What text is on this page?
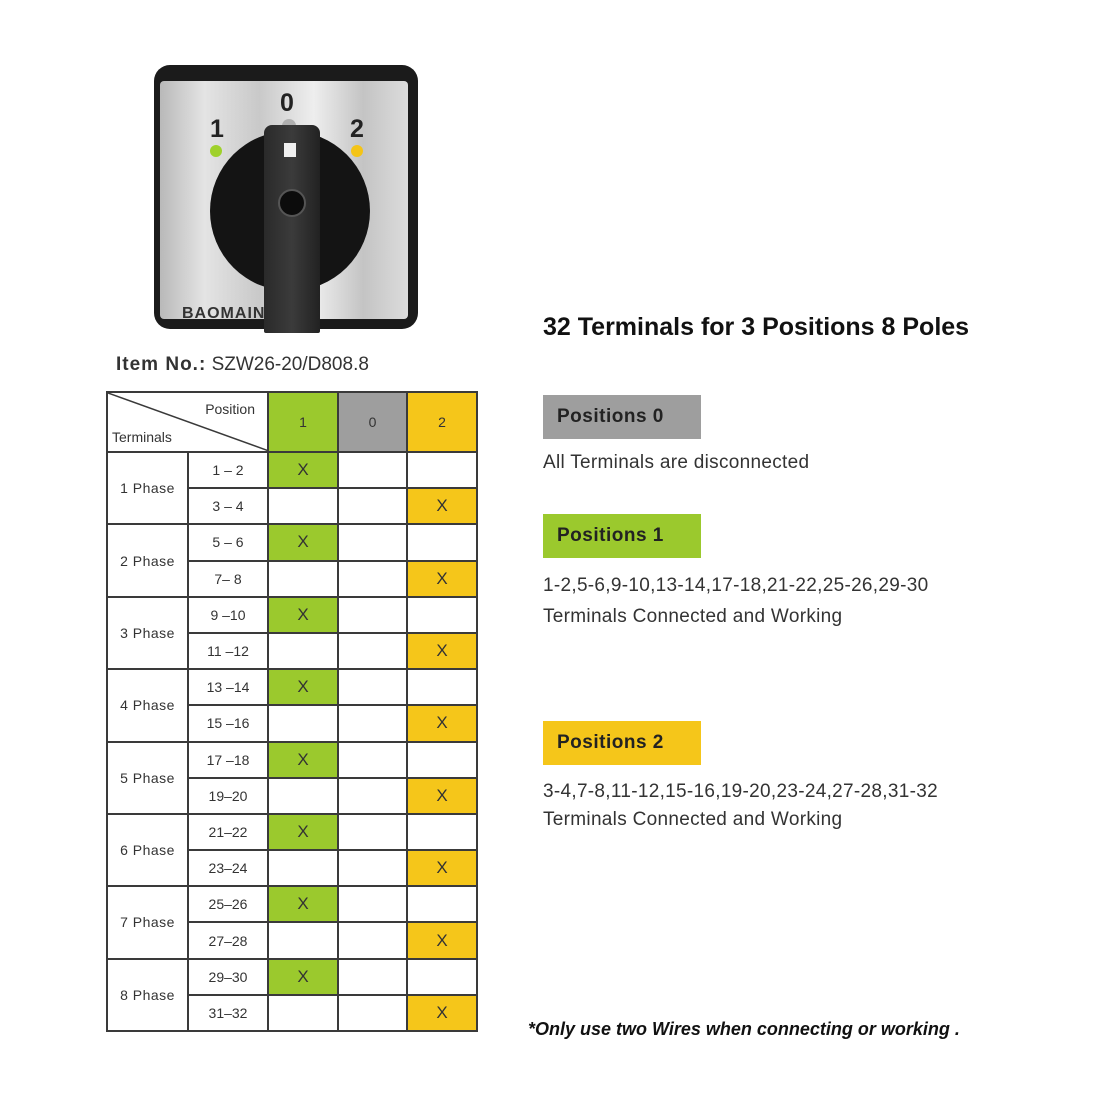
0
1	2
BAOMAIN
Item No.: SZW26-20/D808.8
Position
Terminals		1	0	2
1 Phase	1 – 2	X		
	3 – 4			X
2 Phase	5 – 6	X		
	7– 8			X
3 Phase	9 –10	X		
	11 –12			X
4 Phase	13 –14	X		
	15 –16			X
5 Phase	17 –18	X		
	19–20			X
6 Phase	21–22	X		
	23–24			X
7 Phase	25–26	X		
	27–28			X
8 Phase	29–30	X		
	31–32			X
32 Terminals for 3 Positions 8 Poles
Positions 0
All Terminals are disconnected
Positions 1
1-2,5-6,9-10,13-14,17-18,21-22,25-26,29-30
Terminals Connected and Working
Positions 2
3-4,7-8,11-12,15-16,19-20,23-24,27-28,31-32
Terminals Connected and Working
*Only use two Wires when connecting or working .
